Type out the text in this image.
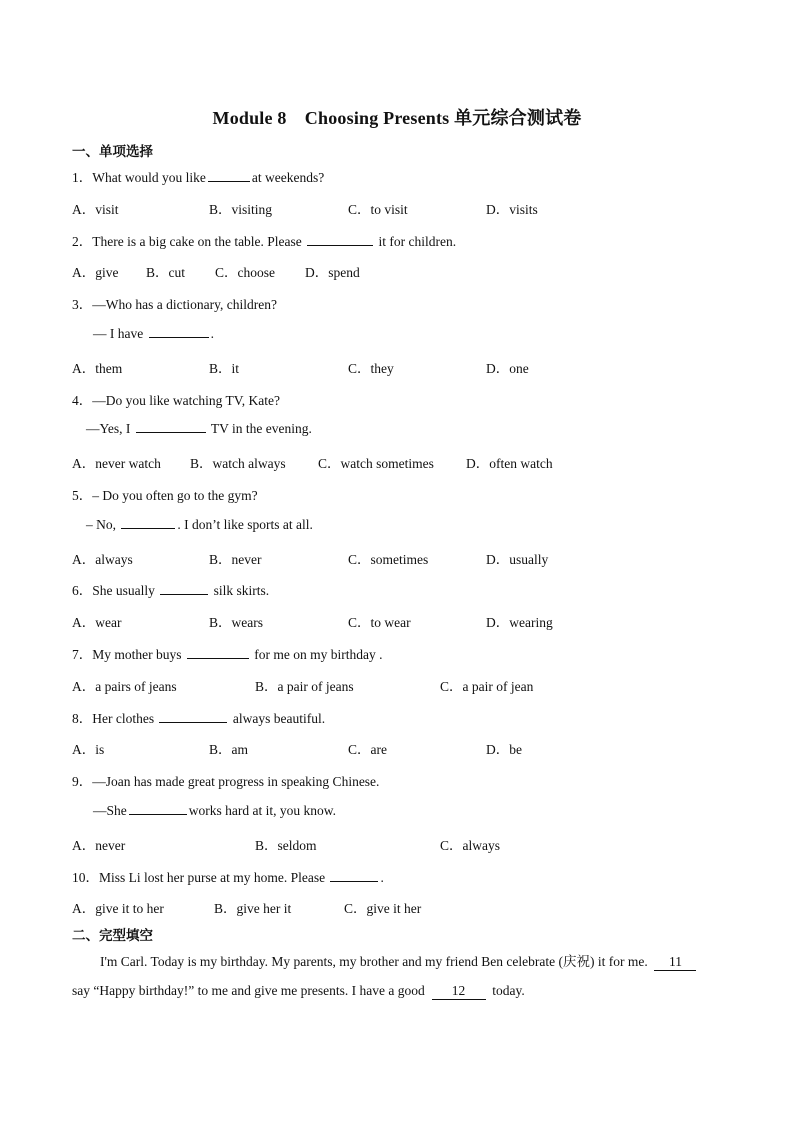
Module 8　Choosing Presents 单元综合测试卷
一、单项选择
1．What would you like	at weekends?
A．visit	B．visiting	C．to visit	D．visits
2．There is a big cake on the table. Please	it for children.
A．give B．cut C．choose D．spend
3．—Who has a dictionary, children?
— I have	.
A．them	B．it	C．they	D．one
4．—Do you like watching TV, Kate?
—Yes, I	TV in the evening.
A．never watch B．watch always C．watch sometimes D．often watch
5．– Do you often go to the gym?
– No,	. I don’t like sports at all.
A．always	B．never	C．sometimes	D．usually
6．She usually	silk skirts.
A．wear	B．wears	C．to wear	D．wearing
7．My mother buys	for me on my birthday .
A．a pairs of jeans	B．a pair of jeans	C．a pair of jean
8．Her clothes	always beautiful.
A．is	B．am	C．are	D．be
9．—Joan has made great progress in speaking Chinese.
—She	works hard at it, you know.
A．never	B．seldom	C．always
10．Miss Li lost her purse at my home. Please	.
A．give it to her	B．give her it	C．give it her
二、完型填空
I'm Carl. Today is my birthday. My parents, my brother and my friend Ben celebrate (庆祝) it for me. 11
say “Happy birthday!” to me and give me presents. I have a good 12 today.
